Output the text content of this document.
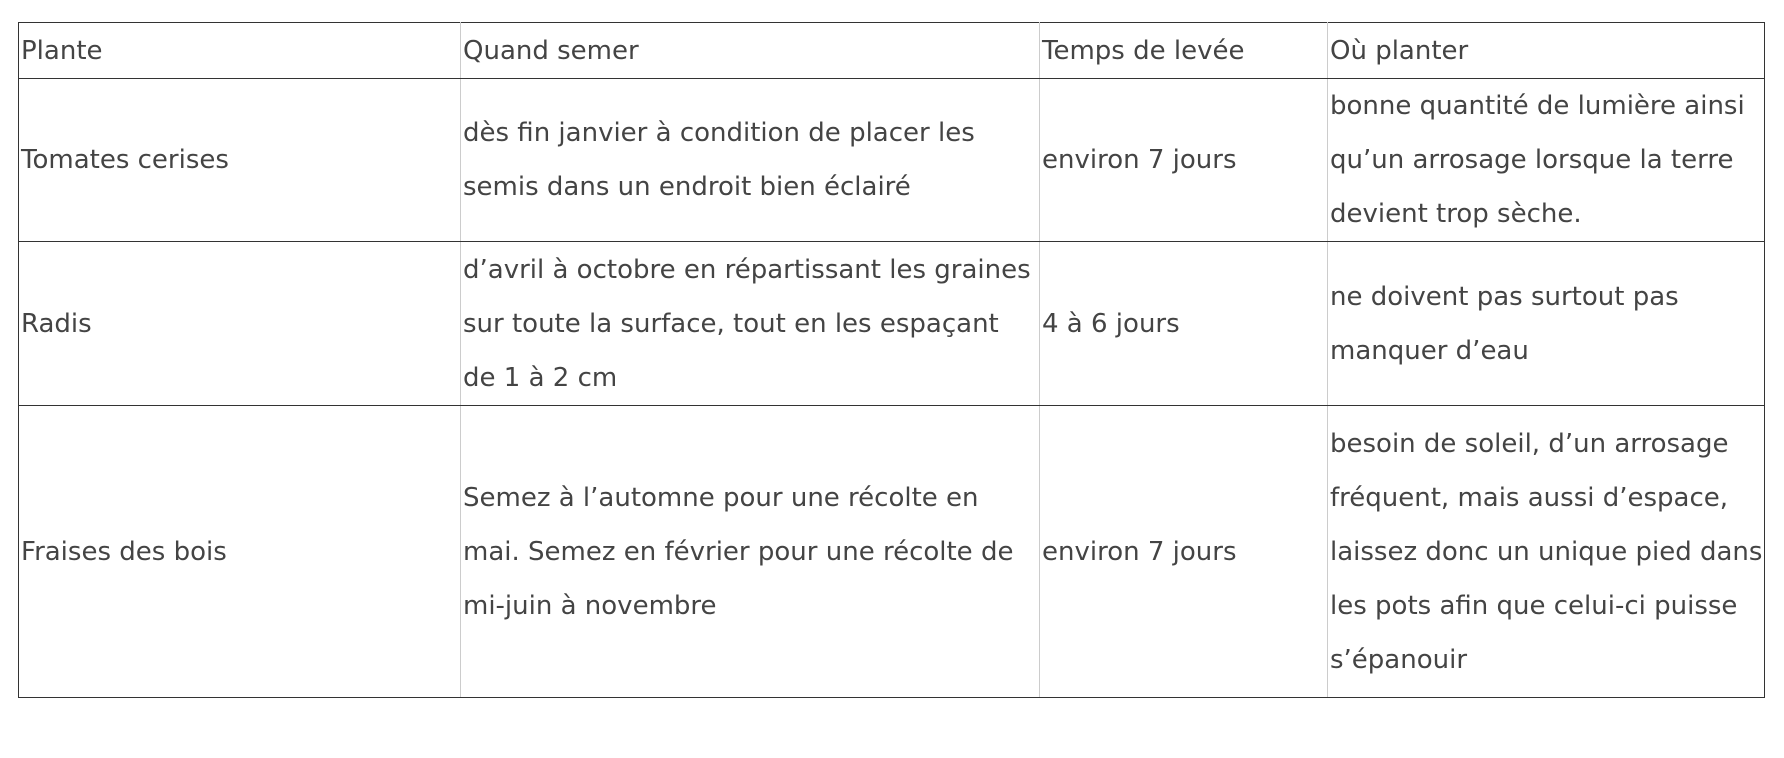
Plante	Quand semer	Temps de levée	Où planter
Tomates cerises	dès fin janvier à condition de placer les semis dans un endroit bien éclairé	environ 7 jours	bonne quantité de lumière ainsi qu’un arrosage lorsque la terre devient trop sèche.
Radis	d’avril à octobre en répartissant les graines sur toute la surface, tout en les espaçant de 1 à 2 cm	4 à 6 jours	ne doivent pas surtout pas manquer d’eau
Fraises des bois	Semez à l’automne pour une récolte en mai. Semez en février pour une récolte de mi-juin à novembre	environ 7 jours	besoin de soleil, d’un arrosage fréquent, mais aussi d’espace, laissez donc un unique pied dans les pots afin que celui-ci puisse s’épanouir
